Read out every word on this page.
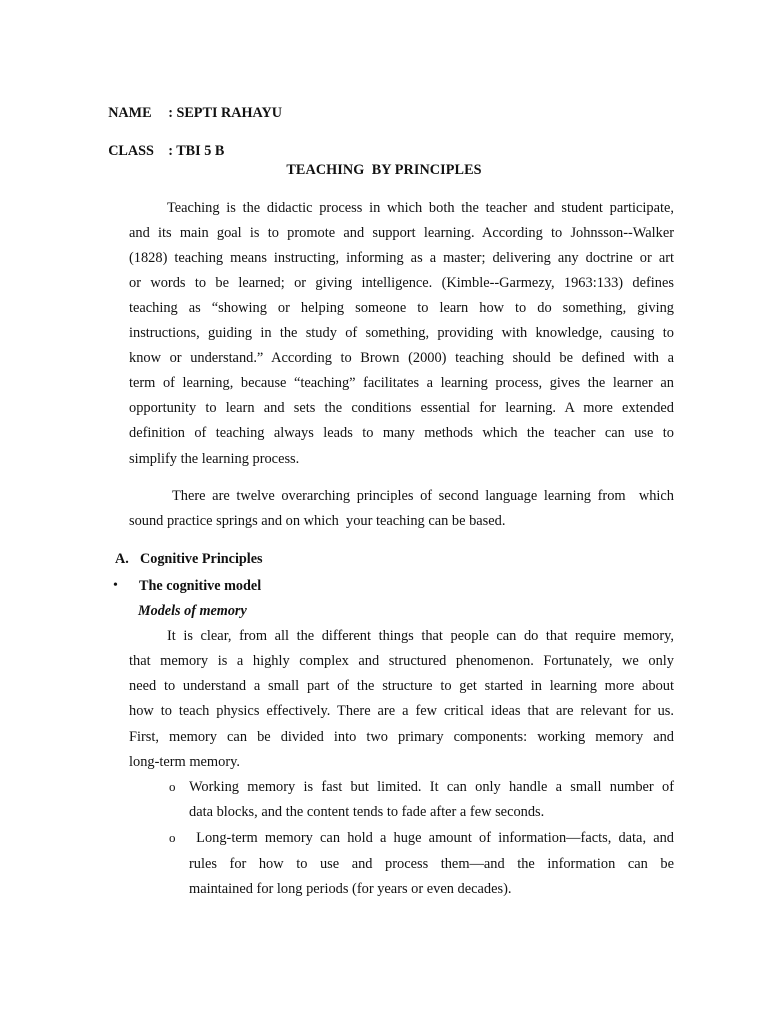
NAME : SEPTI RAHAYU

CLASS : TBI 5 B

TEACHING  BY PRINCIPLES
Teaching is the didactic process in which both the teacher and student participate,
and its main goal is to promote and support learning. According to Johnsson--Walker
(1828) teaching means instructing, informing as a master; delivering any doctrine or art
or words to be learned; or giving intelligence. (Kimble--Garmezy, 1963:133) defines
teaching as “showing or helping someone to learn how to do something, giving
instructions, guiding in the study of something, providing with knowledge, causing to
know or understand.” According to Brown (2000) teaching should be defined with a
term of learning, because “teaching” facilitates a learning process, gives the learner an
opportunity to learn and sets the conditions essential for learning. A more extended
definition of teaching always leads to many methods which the teacher can use to
simplify the learning process.
There are twelve overarching principles of second language learning from  which
sound practice springs and on which  your teaching can be based.
A. Cognitive Principles
•	The cognitive model
Models of memory
It is clear, from all the different things that people can do that require memory,
that memory is a highly complex and structured phenomenon. Fortunately, we only
need to understand a small part of the structure to get started in learning more about
how to teach physics effectively. There are a few critical ideas that are relevant for us.
First, memory can be divided into two primary components: working memory and
long-term memory.
o Working memory is fast but limited. It can only handle a small number of
data blocks, and the content tends to fade after a few seconds.
o Long-term memory can hold a huge amount of information—facts, data, and
rules for how to use and process them—and the information can be
maintained for long periods (for years or even decades).
